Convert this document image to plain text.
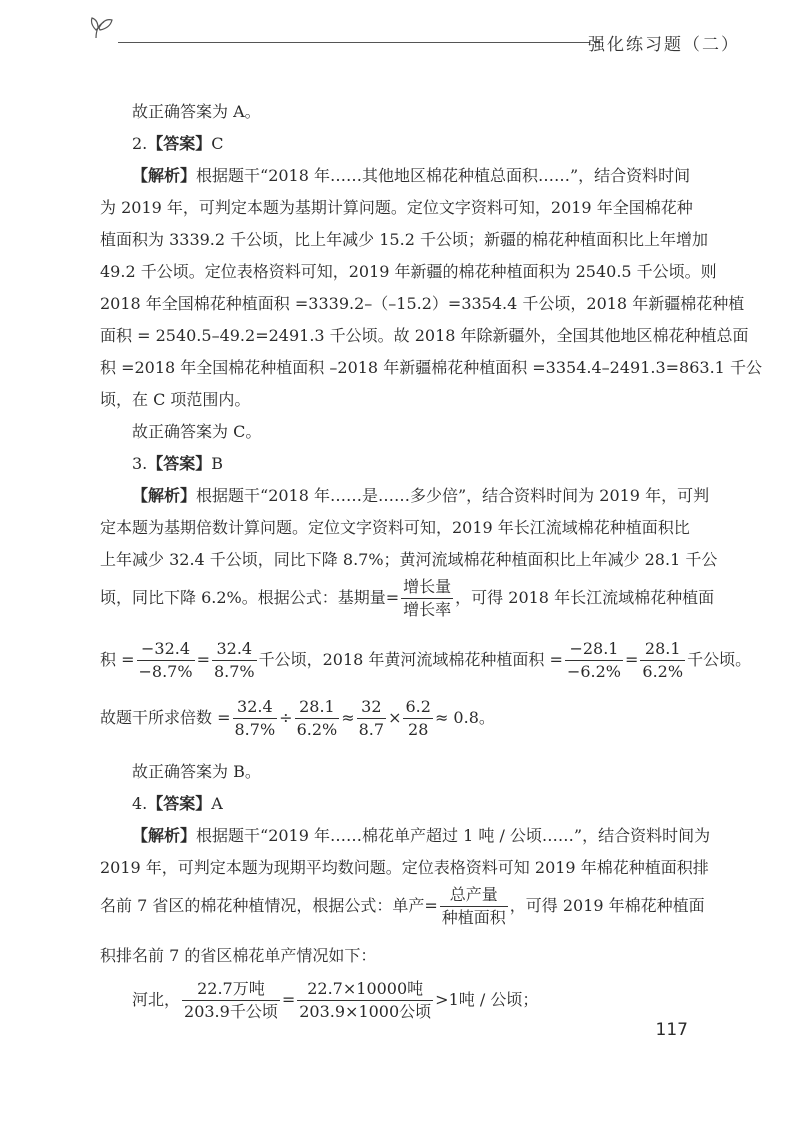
强化练习题（二）
故正确答案为 A。
2.【答案】C
【解析】根据题干“2018 年……其他地区棉花种植总面积……”，结合资料时间
为 2019 年，可判定本题为基期计算问题。定位文字资料可知，2019 年全国棉花种
植面积为 3339.2 千公顷，比上年减少 15.2 千公顷；新疆的棉花种植面积比上年增加
49.2 千公顷。定位表格资料可知，2019 年新疆的棉花种植面积为 2540.5 千公顷。则
2018 年全国棉花种植面积 =3339.2–（–15.2）=3354.4 千公顷，2018 年新疆棉花种植
面积 = 2540.5–49.2=2491.3 千公顷。故 2018 年除新疆外，全国其他地区棉花种植总面
积 =2018 年全国棉花种植面积 –2018 年新疆棉花种植面积 =3354.4–2491.3=863.1 千公
顷，在 C 项范围内。
故正确答案为 C。
3.【答案】B
【解析】根据题干“2018 年……是……多少倍”，结合资料时间为 2019 年，可判
定本题为基期倍数计算问题。定位文字资料可知，2019 年长江流域棉花种植面积比
上年减少 32.4 千公顷，同比下降 8.7%；黄河流域棉花种植面积比上年减少 28.1 千公
顷，同比下降 6.2%。根据公式：基期量= $\frac{\text{增长量}}{\text{增长率}}$ ，可得 2018 年长江流域棉花种植面
积 = $\frac{-32.4}{-8.7\%} = \frac{32.4}{8.7\%}$ 千公顷，2018 年黄河流域棉花种植面积 = $\frac{-28.1}{-6.2\%} = \frac{28.1}{6.2\%}$ 千公顷。
故题干所求倍数 = $\frac{32.4}{8.7\%} \div \frac{28.1}{6.2\%} \approx \frac{32}{8.7} \times \frac{6.2}{28} \approx 0.8$。
故正确答案为 B。
4.【答案】A
【解析】根据题干“2019 年……棉花单产超过 1 吨 / 公顷……”，结合资料时间为
2019 年，可判定本题为现期平均数问题。定位表格资料可知 2019 年棉花种植面积排
名前 7 省区的棉花种植情况，根据公式：单产= $\frac{\text{总产量}}{\text{种植面积}}$ ，可得 2019 年棉花种植面
积排名前 7 的省区棉花单产情况如下：
河北， $\frac{\text{22.7万吨}}{\text{203.9千公顷}} = \frac{\text{22.7×10000吨}}{\text{203.9×1000公顷}} >1$吨 / 公顷；
117
